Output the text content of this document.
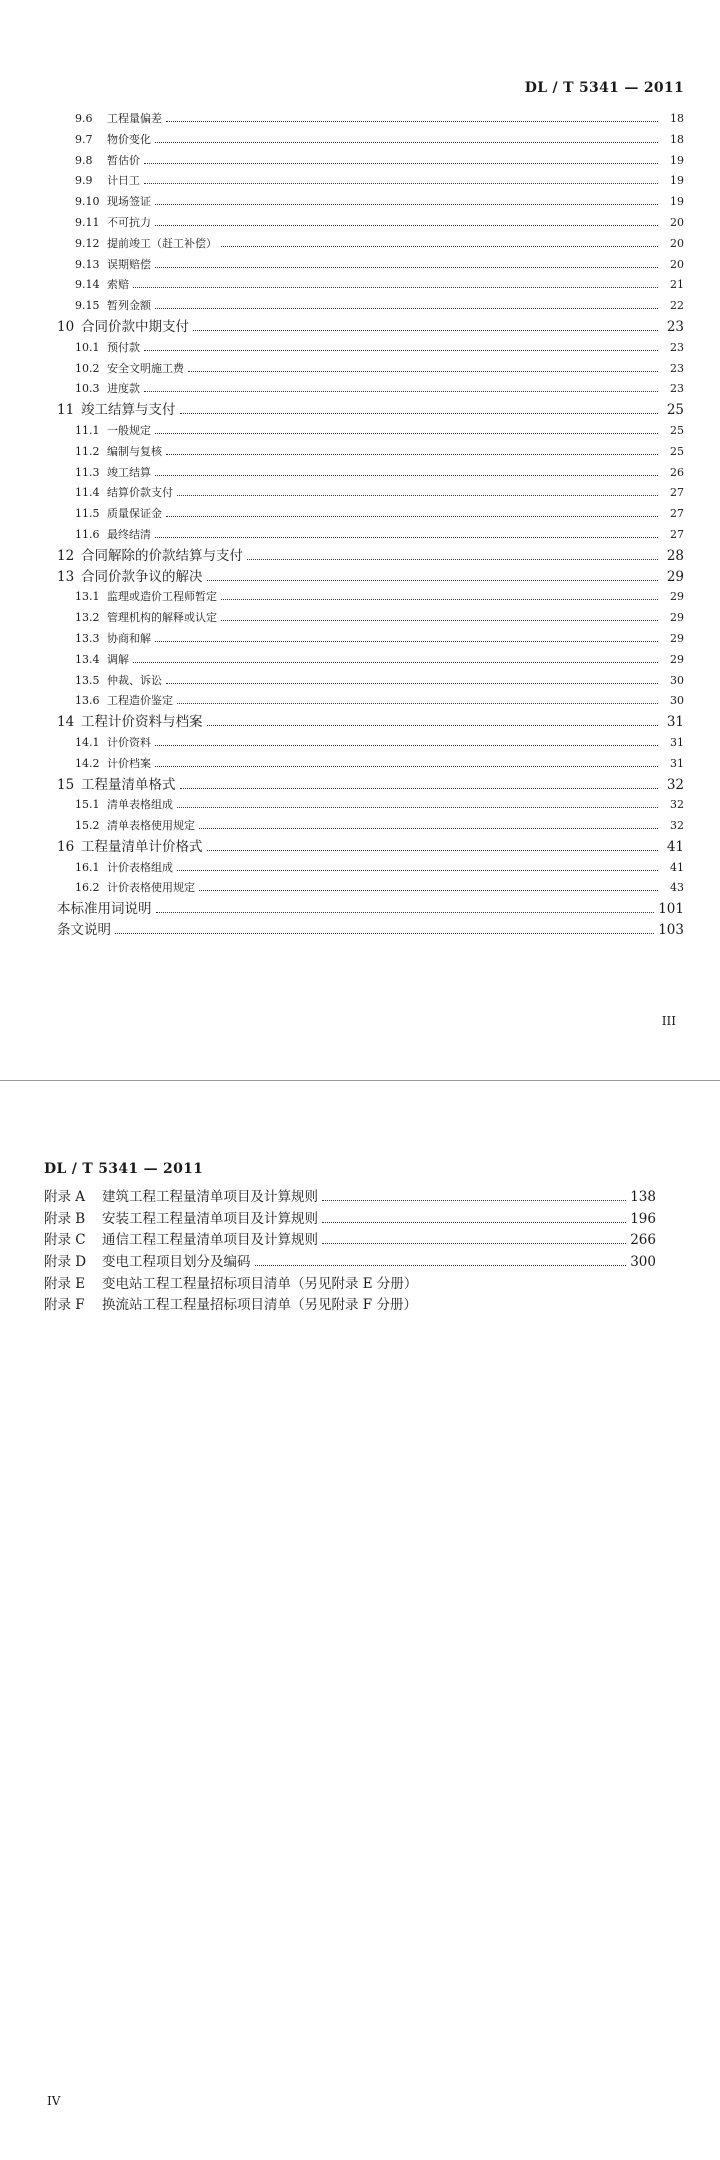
DL / T 5341 — 2011
9.6	工程量偏差	18
9.7	物价变化	18
9.8	暂估价	19
9.9	计日工	19
9.10 现场签证	19
9.11 不可抗力	20
9.12 提前竣工（赶工补偿）	20
9.13 误期赔偿	20
9.14 索赔	21
9.15 暂列金额	22
10 合同价款中期支付	23
10.1 预付款	23
10.2 安全文明施工费	23
10.3 进度款	23
11 竣工结算与支付	25
11.1 一般规定	25
11.2 编制与复核	25
11.3 竣工结算	26
11.4 结算价款支付	27
11.5 质量保证金	27
11.6 最终结清	27
12 合同解除的价款结算与支付	28
13 合同价款争议的解决	29
13.1 监理或造价工程师暂定	29
13.2 管理机构的解释或认定	29
13.3 协商和解	29
13.4 调解	29
13.5 仲裁、诉讼	30
13.6 工程造价鉴定	30
14 工程计价资料与档案	31
14.1 计价资料	31
14.2 计价档案	31
15 工程量清单格式	32
15.1 清单表格组成	32
15.2 清单表格使用规定	32
16 工程量清单计价格式	41
16.1 计价表格组成	41
16.2 计价表格使用规定	43
本标准用词说明	101
条文说明	103
III
DL / T 5341 — 2011
附录 A	建筑工程工程量清单项目及计算规则	138
附录 B	安装工程工程量清单项目及计算规则	196
附录 C	通信工程工程量清单项目及计算规则	266
附录 D	变电工程项目划分及编码	300
附录 E	变电站工程工程量招标项目清单（另见附录 E 分册）
附录 F	换流站工程工程量招标项目清单（另见附录 F 分册）
IV
